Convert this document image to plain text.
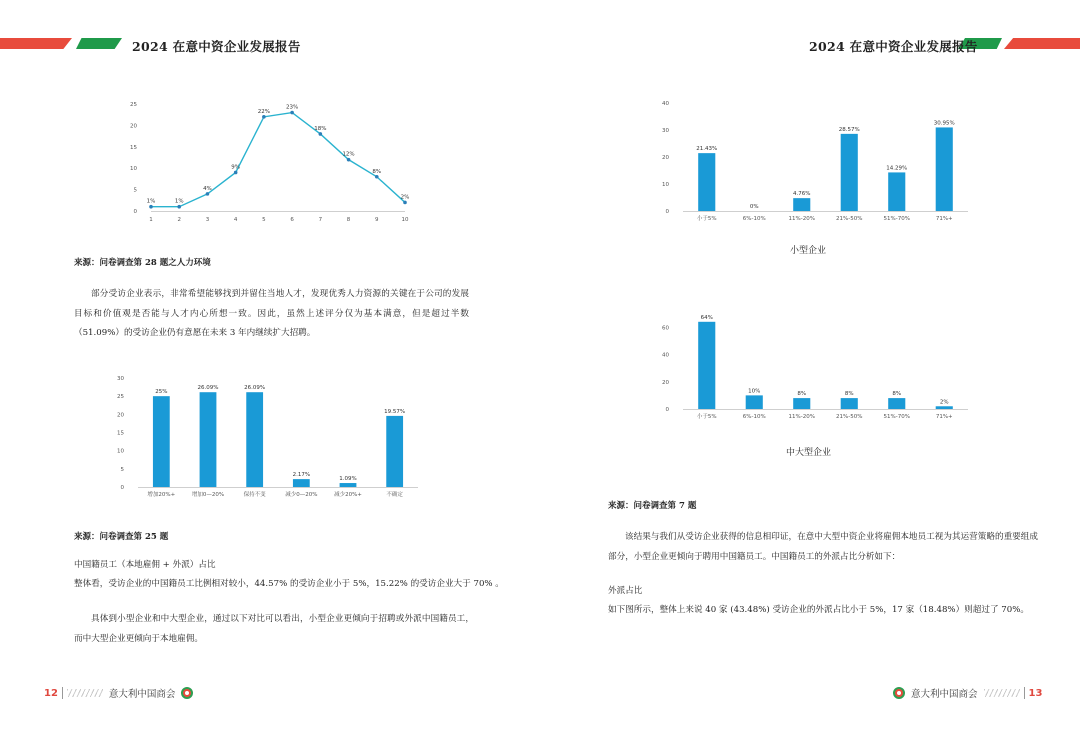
2024 在意中资企业发展报告
0
5
10
15
20
25
1%
1
1%
2
4%
3
9%
4
22%
5
23%
6
18%
7
12%
8
8%
9
2%
10
来源：问卷调查第 28 题之人力环境
部分受访企业表示，非常希望能够找到并留住当地人才，发现优秀人力资源的关键在于公司的发展目标和价值观是否能与人才内心所想一致。因此，虽然上述评分仅为基本满意，但是超过半数（51.09%）的受访企业仍有意愿在未来 3 年内继续扩大招聘。
0
5
10
15
20
25
30
25%
增加20%+
26.09%
增加0—20%
26.09%
保持不变
2.17%
减少0—20%
1.09%
减少20%+
19.57%
不确定
来源：问卷调查第 25 题
中国籍员工（本地雇佣 + 外派）占比
整体看，受访企业的中国籍员工比例相对较小，44.57% 的受访企业小于 5%，15.22% 的受访企业大于 70% 。
具体到小型企业和中大型企业，通过以下对比可以看出，小型企业更倾向于招聘或外派中国籍员工，而中大型企业更倾向于本地雇佣。
12	意大利中国商会
2024 在意中资企业发展报告
0
10
20
30
40
21.43%
小于5%
0%
6%-10%
4.76%
11%-20%
28.57%
21%-50%
14.29%
51%-70%
30.95%
71%+
小型企业
0
20
40
60
64%
小于5%
10%
6%-10%
8%
11%-20%
8%
21%-50%
8%
51%-70%
2%
71%+
中大型企业
来源：问卷调查第 7 题
该结果与我们从受访企业获得的信息相印证，在意中大型中资企业将雇佣本地员工视为其运营策略的重要组成部分，小型企业更倾向于聘用中国籍员工。中国籍员工的外派占比分析如下：
外派占比
如下图所示，整体上来说 40 家 (43.48%) 受访企业的外派占比小于 5%，17 家（18.48%）则超过了 70%。
意大利中国商会	13
